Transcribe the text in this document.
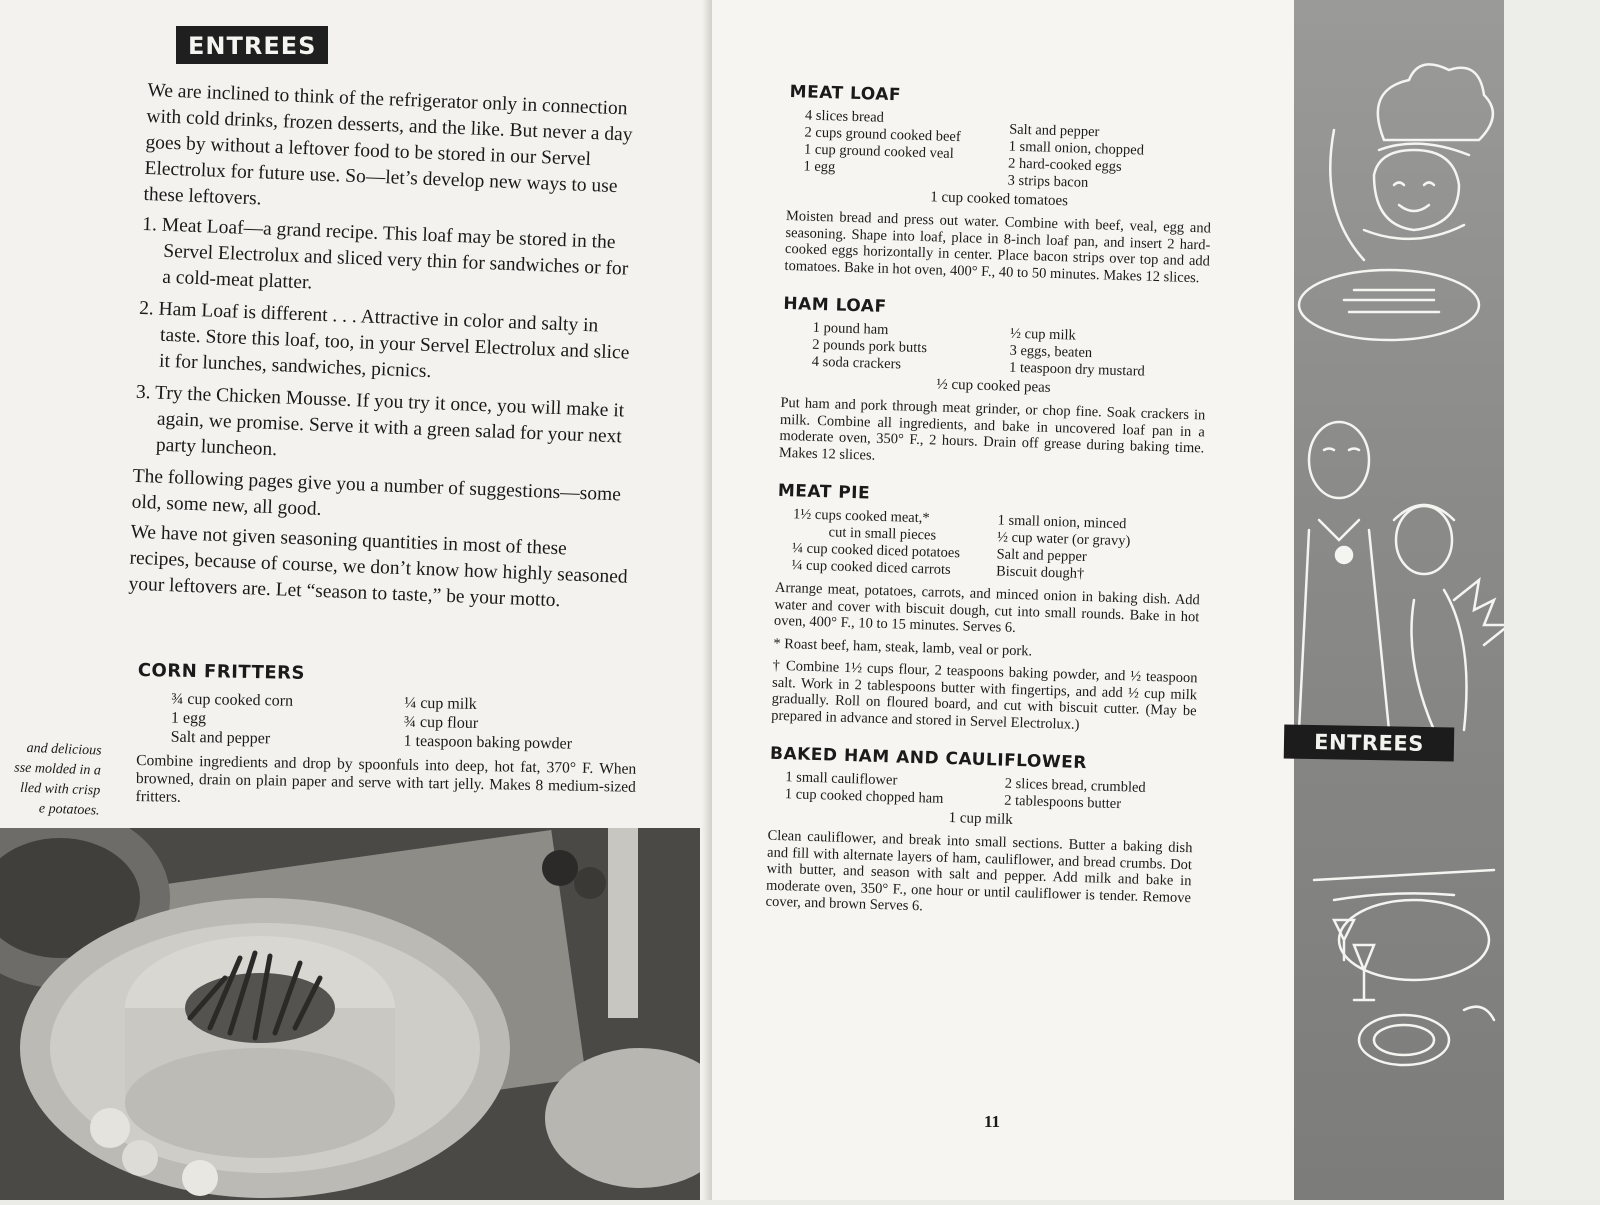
ENTREES

We are inclined to think of the refrigerator only in connection with cold drinks, frozen desserts, and the like. But never a day goes by without a leftover food to be stored in our Servel Electrolux for future use. So—let’s develop new ways to use these leftovers.

1. Meat Loaf—a grand recipe. This loaf may be stored in the Servel Electrolux and sliced very thin for sandwiches or for a cold-meat platter.

2. Ham Loaf is different . . . Attractive in color and salty in taste. Store this loaf, too, in your Servel Electrolux and slice it for lunches, sandwiches, picnics.

3. Try the Chicken Mousse. If you try it once, you will make it again, we promise. Serve it with a green salad for your next party luncheon.

The following pages give you a number of suggestions—some old, some new, all good.

We have not given seasoning quantities in most of these recipes, because of course, we don’t know how highly seasoned your leftovers are. Let “season to taste,” be your motto.

CORN FRITTERS
¾ cup cooked corn
1 egg
Salt and pepper
¼ cup milk
¾ cup flour
1 teaspoon baking powder

Combine ingredients and drop by spoonfuls into deep, hot fat, 370° F. When browned, drain on plain paper and serve with tart jelly. Makes 8 medium-sized fritters.

and delicious
sse molded in a
lled with crisp
e potatoes.
MEAT LOAF
4 slices bread
2 cups ground cooked beef
1 cup ground cooked veal
1 egg
Salt and pepper
1 small onion, chopped
2 hard-cooked eggs
3 strips bacon
1 cup cooked tomatoes

Moisten bread and press out water. Combine with beef, veal, egg and seasoning. Shape into loaf, place in 8-inch loaf pan, and insert 2 hard-cooked eggs horizontally in center. Place bacon strips over top and add tomatoes. Bake in hot oven, 400° F., 40 to 50 minutes. Makes 12 slices.

HAM LOAF
1 pound ham
2 pounds pork butts
4 soda crackers
½ cup milk
3 eggs, beaten
1 teaspoon dry mustard
½ cup cooked peas

Put ham and pork through meat grinder, or chop fine. Soak crackers in milk. Combine all ingredients, and bake in uncovered loaf pan in a moderate oven, 350° F., 2 hours. Drain off grease during baking time. Makes 12 slices.

MEAT PIE
1½ cups cooked meat,*
cut in small pieces
¼ cup cooked diced potatoes
¼ cup cooked diced carrots
1 small onion, minced
½ cup water (or gravy)
Salt and pepper
Biscuit dough†

Arrange meat, potatoes, carrots, and minced onion in baking dish. Add water and cover with biscuit dough, cut into small rounds. Bake in hot oven, 400° F., 10 to 15 minutes. Serves 6.

* Roast beef, ham, steak, lamb, veal or pork.

† Combine 1½ cups flour, 2 teaspoons baking powder, and ½ teaspoon salt. Work in 2 tablespoons butter with fingertips, and add ½ cup milk gradually. Roll on floured board, and cut with biscuit cutter. (May be prepared in advance and stored in Servel Electrolux.)

BAKED HAM AND CAULIFLOWER
1 small cauliflower
1 cup cooked chopped ham
2 slices bread, crumbled
2 tablespoons butter
1 cup milk

Clean cauliflower, and break into small sections. Butter a baking dish and fill with alternate layers of ham, cauliflower, and bread crumbs. Dot with butter, and season with salt and pepper. Add milk and bake in moderate oven, 350° F., one hour or until cauliflower is tender. Remove cover, and brown Serves 6.

11
ENTREES
